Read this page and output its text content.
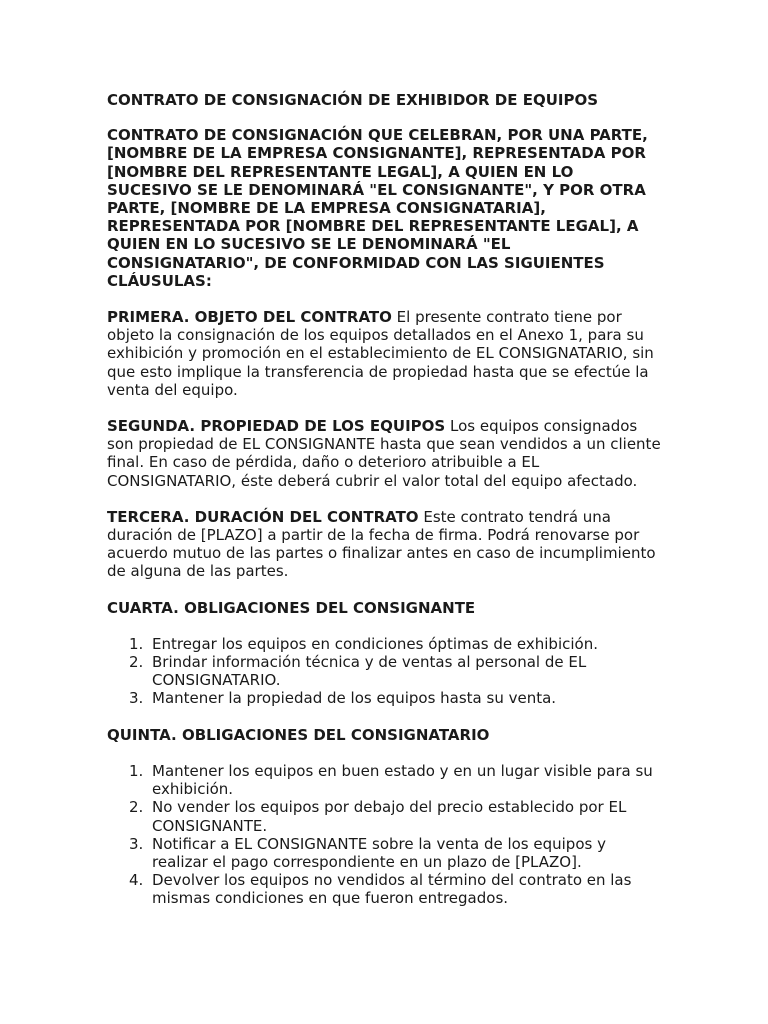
CONTRATO DE CONSIGNACIÓN DE EXHIBIDOR DE EQUIPOS

CONTRATO DE CONSIGNACIÓN QUE CELEBRAN, POR UNA PARTE, [NOMBRE DE LA EMPRESA CONSIGNANTE], REPRESENTADA POR [NOMBRE DEL REPRESENTANTE LEGAL], A QUIEN EN LO SUCESIVO SE LE DENOMINARÁ "EL CONSIGNANTE", Y POR OTRA PARTE, [NOMBRE DE LA EMPRESA CONSIGNATARIA], REPRESENTADA POR [NOMBRE DEL REPRESENTANTE LEGAL], A QUIEN EN LO SUCESIVO SE LE DENOMINARÁ "EL CONSIGNATARIO", DE CONFORMIDAD CON LAS SIGUIENTES CLÁUSULAS:

PRIMERA. OBJETO DEL CONTRATO El presente contrato tiene por objeto la consignación de los equipos detallados en el Anexo 1, para su exhibición y promoción en el establecimiento de EL CONSIGNATARIO, sin que esto implique la transferencia de propiedad hasta que se efectúe la venta del equipo.

SEGUNDA. PROPIEDAD DE LOS EQUIPOS Los equipos consignados son propiedad de EL CONSIGNANTE hasta que sean vendidos a un cliente final. En caso de pérdida, daño o deterioro atribuible a EL CONSIGNATARIO, éste deberá cubrir el valor total del equipo afectado.

TERCERA. DURACIÓN DEL CONTRATO Este contrato tendrá una duración de [PLAZO] a partir de la fecha de firma. Podrá renovarse por acuerdo mutuo de las partes o finalizar antes en caso de incumplimiento de alguna de las partes.

CUARTA. OBLIGACIONES DEL CONSIGNANTE

1. Entregar los equipos en condiciones óptimas de exhibición.
2. Brindar información técnica y de ventas al personal de EL CONSIGNATARIO.
3. Mantener la propiedad de los equipos hasta su venta.

QUINTA. OBLIGACIONES DEL CONSIGNATARIO

1. Mantener los equipos en buen estado y en un lugar visible para su exhibición.
2. No vender los equipos por debajo del precio establecido por EL CONSIGNANTE.
3. Notificar a EL CONSIGNANTE sobre la venta de los equipos y realizar el pago correspondiente en un plazo de [PLAZO].
4. Devolver los equipos no vendidos al término del contrato en las mismas condiciones en que fueron entregados.
